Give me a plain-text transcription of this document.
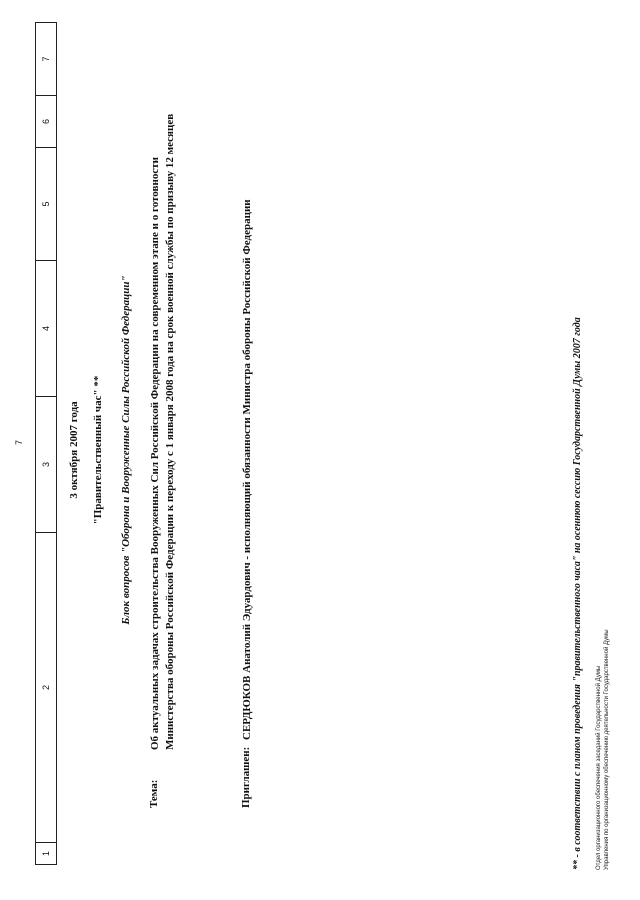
7
1
2
3
4
5
6
7
3 октября 2007 года "Правительственный час" ** Блок вопросов "Оборона и Вооруженные Силы Российской Федерации"
Тема:
Об актуальных задачах строительства Вооруженных Сил Российской Федерации на современном этапе и о готовности Министерства обороны Российской Федерации к переходу с 1 января 2008 года на срок военной службы по призыву 12 месяцев
Приглашен:
СЕРДЮКОВ Анатолий Эдуардович - исполняющий обязанности Министра обороны Российской Федерации	** - в соответствии с планом проведения "правительственного часа" на осеннюю сессию Государственной Думы 2007 года Отдел организационного обеспечения заседаний Государственной Думы Управления по организационному обеспечению деятельности Государственной Думы
